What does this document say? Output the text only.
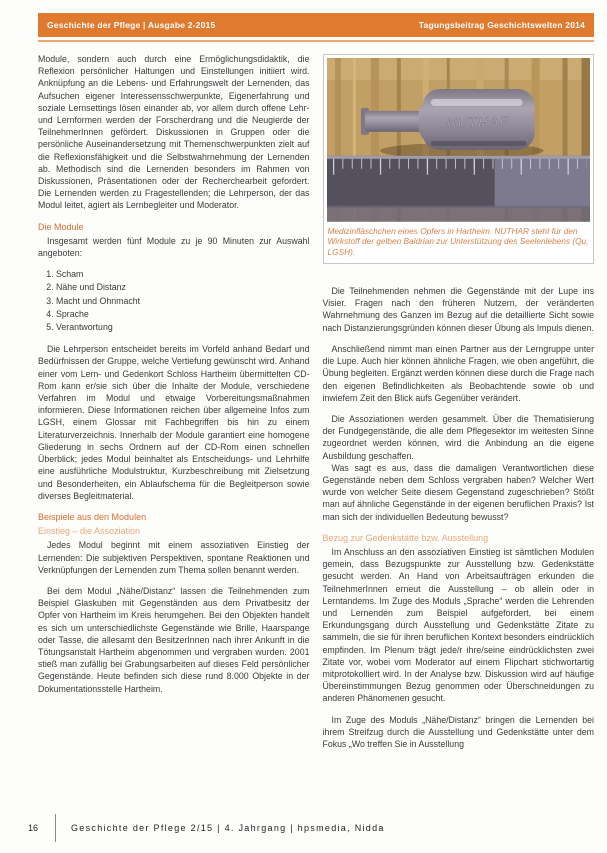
Geschichte der Pflege | Ausgabe 2-2015	Tagungsbeitrag Geschichtswelten 2014

Module, sondern auch durch eine Ermöglichungsdidaktik, die Reflexion persönlicher Haltungen und Einstellungen initiiert wird. Anknüpfung an die Lebens- und Erfahrungswelt der Lernenden, das Aufsuchen eigener Interessensschwerpunkte, Eigenerfahrung und soziale Lernsettings lösen einander ab, vor allem durch offene Lehr- und Lernformen werden der Forscherdrang und die Neugierde der TeilnehmerInnen gefördert. Diskussionen in Gruppen oder die persönliche Auseinandersetzung mit Themenschwerpunkten zielt auf die Reflexionsfähigkeit und die Selbstwahrnehmung der Lernenden ab. Methodisch sind die Lernenden besonders im Rahmen von Diskussionen, Präsentationen oder der Recherchearbeit gefordert. Die Lernenden werden zu Fragestellenden; die Lehrperson, der das Modul leitet, agiert als Lernbegleiter und Moderator.

Die Module

Insgesamt werden fünf Module zu je 90 Minuten zur Auswahl angeboten:

1. Scham
2. Nähe und Distanz
3. Macht und Ohnmacht
4. Sprache
5. Verantwortung

Die Lehrperson entscheidet bereits im Vorfeld anhand Bedarf und Bedürfnissen der Gruppe, welche Vertiefung gewünscht wird. Anhand einer vom Lern- und Gedenkort Schloss Hartheim übermittelten CD-Rom kann er/sie sich über die Inhalte der Module, verschiedene Verfahren im Modul und etwaige Vorbereitungsmaßnahmen informieren. Diese Informationen reichen über allgemeine Infos zum LGSH, einem Glossar mit Fachbegriffen bis hin zu einem Literaturverzeichnis. Innerhalb der Module garantiert eine homogene Gliederung in sechs Ordnern auf der CD-Rom einen schnellen Überblick; jedes Modul beinhaltet als Entscheidungs- und Lehrhilfe eine ausführliche Modulstruktur, Kurzbeschreibung mit Zielsetzung und Besonderheiten, ein Ablaufschema für die Begleitperson sowie diverses Begleitmaterial.

Beispiele aus den Modulen
Einstieg – die Assoziation

Jedes Modul beginnt mit einem assoziativen Einstieg der Lernenden: Die subjektiven Perspektiven, spontane Reaktionen und Verknüpfungen der Lernenden zum Thema sollen benannt werden.

Bei dem Modul „Nähe/Distanz“ lassen die Teilnehmenden zum Beispiel Glaskuben mit Gegenständen aus dem Privatbesitz der Opfer von Hartheim im Kreis herumgehen. Bei den Objekten handelt es sich um unterschiedlichste Gegenstände wie Brille, Haarspange oder Tasse, die allesamt den BesitzerInnen nach ihrer Ankunft in die Tötungsanstalt Hartheim abgenommen und vergraben wurden. 2001 stieß man zufällig bei Grabungsarbeiten auf dieses Feld persönlicher Gegenstände. Heute befinden sich diese rund 8.000 Objekte in der Dokumentationsstelle Hartheim.

NUTHAR
Medizinfläschchen eines Opfers in Hartheim. NUTHAR steht für den Wirkstoff der gelben Baldrian zur Unterstützung des Seelenlebens (Qu. LGSH).

Die Teilnehmenden nehmen die Gegenstände mit der Lupe ins Visier. Fragen nach den früheren Nutzern, der veränderten Wahrnehmung des Ganzen im Bezug auf die detaillierte Sicht sowie nach Distanzierungsgründen können dieser Übung als Impuls dienen.

Anschließend nimmt man einen Partner aus der Lerngruppe unter die Lupe. Auch hier können ähnliche Fragen, wie oben angeführt, die Übung begleiten. Ergänzt werden können diese durch die Frage nach den eigenen Befindlichkeiten als Beobachtende sowie ob und inwiefern Zeit den Blick aufs Gegenüber verändert.

Die Assoziationen werden gesammelt. Über die Thematisierung der Fundgegenstände, die alle dem Pflegesektor im weitesten Sinne zugeordnet werden können, wird die Anbindung an die eigene Ausbildung geschaffen.

Was sagt es aus, dass die damaligen Verantwortlichen diese Gegenstände neben dem Schloss vergraben haben? Welcher Wert wurde von welcher Seite diesem Gegenstand zugeschrieben? Stößt man auf ähnliche Gegenstände in der eigenen beruflichen Praxis? Ist man sich der individuellen Bedeutung bewusst?

Bezug zur Gedenkstätte bzw. Ausstellung

Im Anschluss an den assoziativen Einstieg ist sämtlichen Modulen gemein, dass Bezugspunkte zur Ausstellung bzw. Gedenkstätte gesucht werden. An Hand von Arbeitsaufträgen erkunden die TeilnehmerInnen erneut die Ausstellung – ob allein oder in Lerntandems. Im Zuge des Moduls „Sprache“ werden die Lehrenden und Lernenden zum Beispiel aufgefordert, bei einem Erkundungsgang durch Ausstellung und Gedenkstätte Zitate zu sammeln, die sie für ihren beruflichen Kontext besonders eindrücklich empfinden. Im Plenum trägt jede/r ihre/seine eindrücklichsten zwei Zitate vor, wobei vom Moderator auf einem Flipchart stichwortartig mitprotokolliert wird. In der Analyse bzw. Diskussion wird auf häufige Übereinstimmungen Bezug genommen oder Überschneidungen zu anderen Phänomenen gesucht.

Im Zuge des Moduls „Nähe/Distanz“ bringen die Lernenden bei ihrem Streifzug durch die Ausstellung und Gedenkstätte unter dem Fokus „Wo treffen Sie in Ausstellung

16	Geschichte der Pflege 2/15 | 4. Jahrgang | hpsmedia, Nidda
